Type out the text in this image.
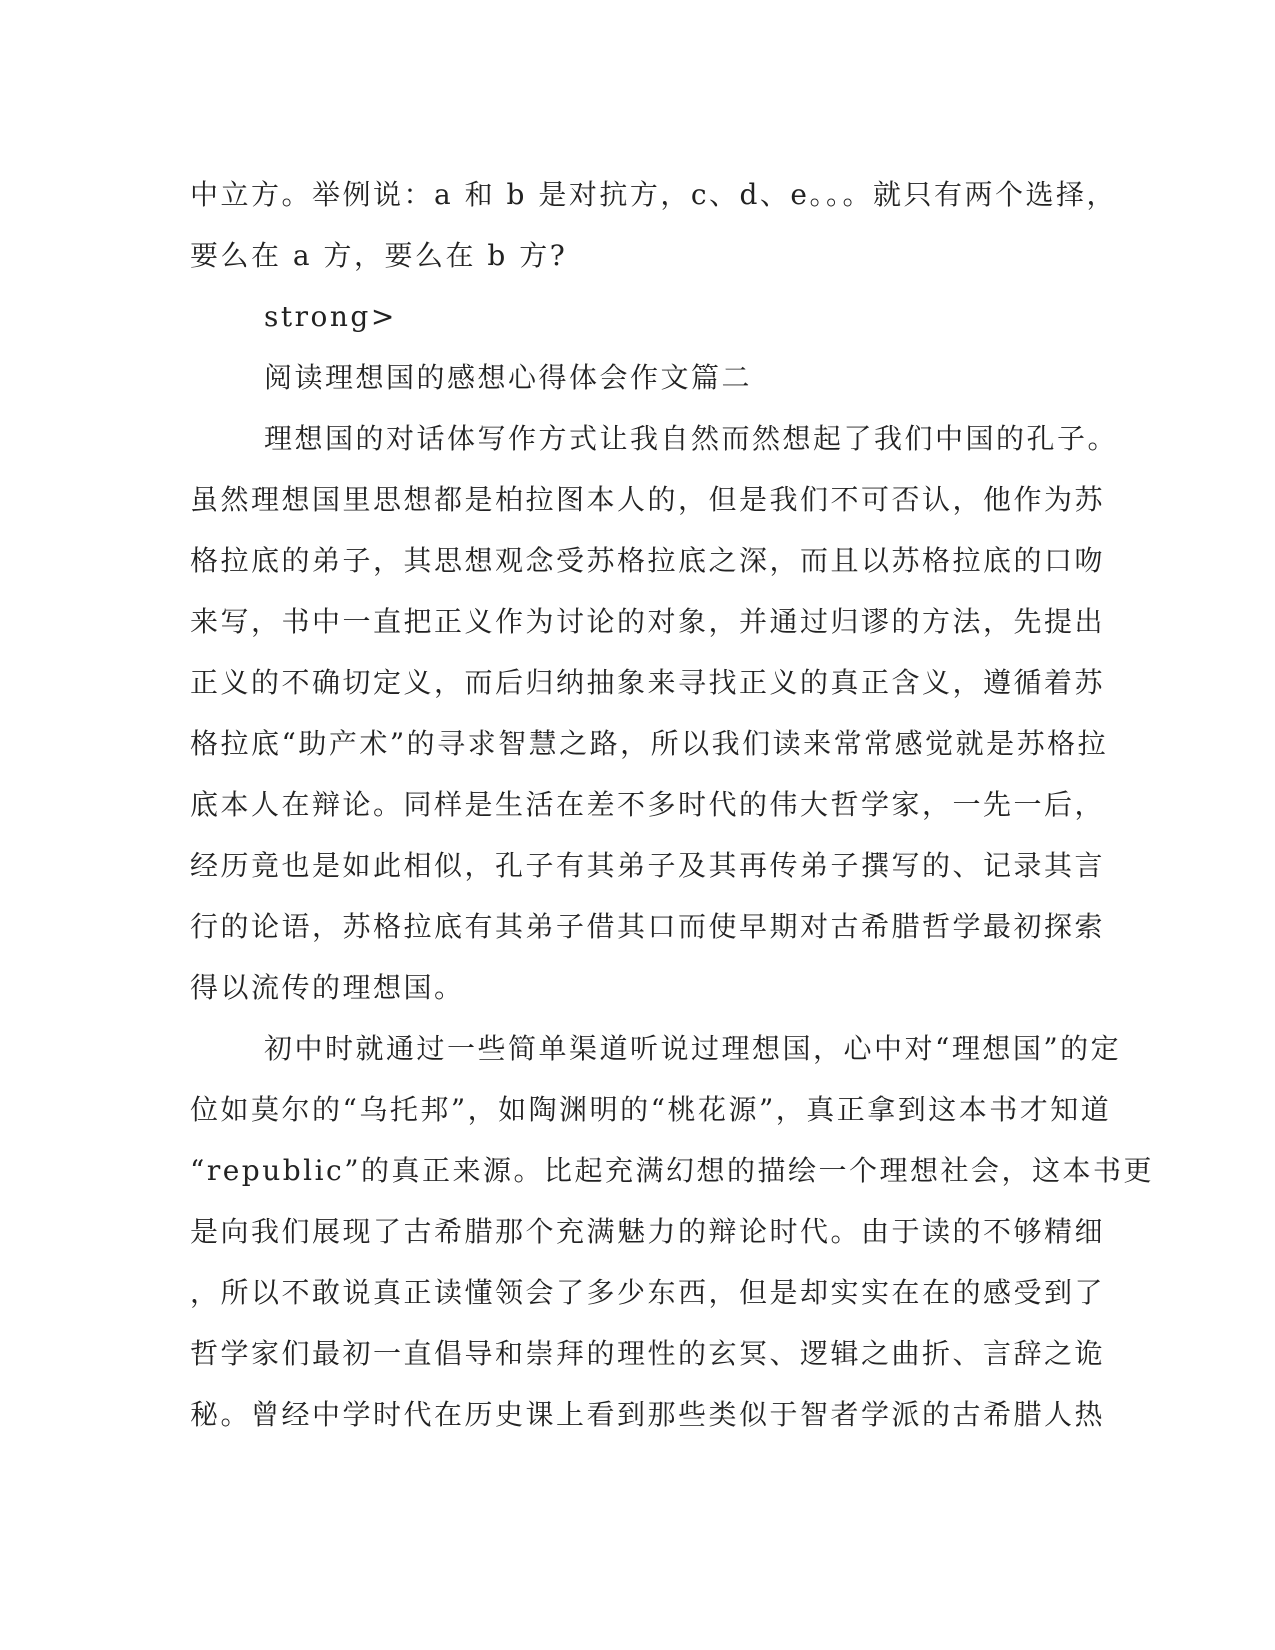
中立方。举例说：a 和 b 是对抗方，c、d、e。。。就只有两个选择，
要么在 a 方，要么在 b 方?
strong>
阅读理想国的感想心得体会作文篇二
理想国的对话体写作方式让我自然而然想起了我们中国的孔子。
虽然理想国里思想都是柏拉图本人的，但是我们不可否认，他作为苏
格拉底的弟子，其思想观念受苏格拉底之深，而且以苏格拉底的口吻
来写，书中一直把正义作为讨论的对象，并通过归谬的方法，先提出
正义的不确切定义，而后归纳抽象来寻找正义的真正含义，遵循着苏
格拉底“助产术”的寻求智慧之路，所以我们读来常常感觉就是苏格拉
底本人在辩论。同样是生活在差不多时代的伟大哲学家，一先一后，
经历竟也是如此相似，孔子有其弟子及其再传弟子撰写的、记录其言
行的论语，苏格拉底有其弟子借其口而使早期对古希腊哲学最初探索
得以流传的理想国。
初中时就通过一些简单渠道听说过理想国，心中对“理想国”的定
位如莫尔的“乌托邦”，如陶渊明的“桃花源”，真正拿到这本书才知道
“republic”的真正来源。比起充满幻想的描绘一个理想社会，这本书更
是向我们展现了古希腊那个充满魅力的辩论时代。由于读的不够精细
，所以不敢说真正读懂领会了多少东西，但是却实实在在的感受到了
哲学家们最初一直倡导和崇拜的理性的玄冥、逻辑之曲折、言辞之诡
秘。曾经中学时代在历史课上看到那些类似于智者学派的古希腊人热
